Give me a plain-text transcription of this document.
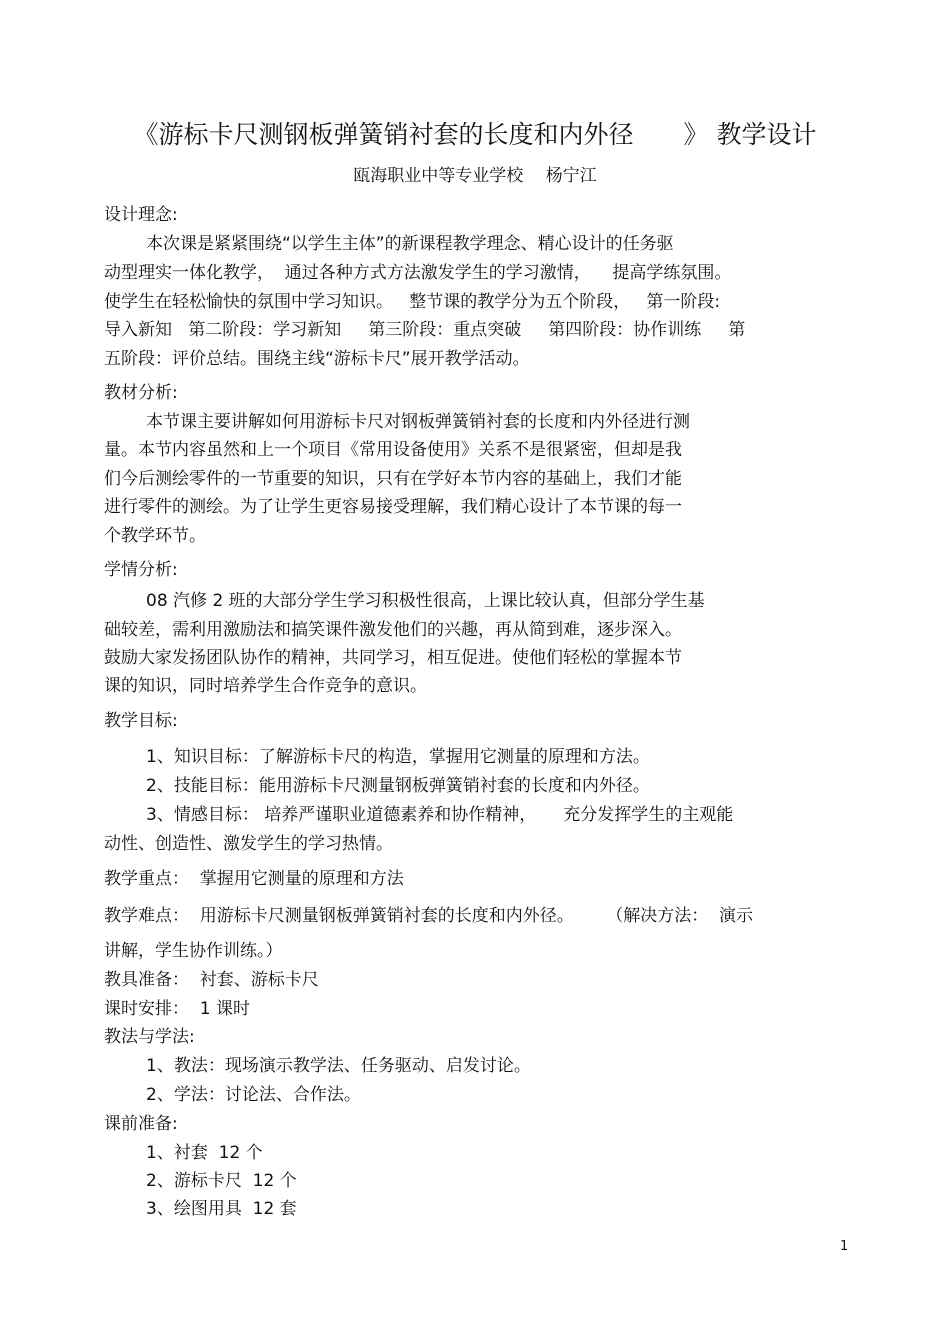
《游标卡尺测钢板弹簧销衬套的长度和内外径　　》 教学设计
瓯海职业中等专业学校　 杨宁江
设计理念:
本次课是紧紧围绕“以学生主体”的新课程教学理念、精心设计的任务驱
动型理实一体化教学，  通过各种方式方法激发学生的学习激情，    提高学练氛围。
使学生在轻松愉快的氛围中学习知识。   整节课的教学分为五个阶段，   第一阶段:
导入新知   第二阶段：学习新知     第三阶段：重点突破     第四阶段：协作训练     第
五阶段：评价总结。围绕主线“游标卡尺”展开教学活动。
教材分析:
本节课主要讲解如何用游标卡尺对钢板弹簧销衬套的长度和内外径进行测
量。本节内容虽然和上一个项目《常用设备使用》关系不是很紧密，但却是我
们今后测绘零件的一节重要的知识，只有在学好本节内容的基础上，我们才能
进行零件的测绘。为了让学生更容易接受理解，我们精心设计了本节课的每一
个教学环节。
学情分析:
08 汽修 2 班的大部分学生学习积极性很高，上课比较认真，但部分学生基
础较差，需利用激励法和搞笑课件激发他们的兴趣，再从简到难，逐步深入。
鼓励大家发扬团队协作的精神，共同学习，相互促进。使他们轻松的掌握本节
课的知识，同时培养学生合作竞争的意识。
教学目标:
1、知识目标：了解游标卡尺的构造，掌握用它测量的原理和方法。
2、技能目标：能用游标卡尺测量钢板弹簧销衬套的长度和内外径。
3、情感目标： 培养严谨职业道德素养和协作精神，     充分发挥学生的主观能
动性、创造性、激发学生的学习热情。
教学重点：  掌握用它测量的原理和方法
教学难点：  用游标卡尺测量钢板弹簧销衬套的长度和内外径。      （解决方法：  演示
讲解，学生协作训练。）
教具准备：  衬套、游标卡尺
课时安排：  1 课时
教法与学法:
1、教法：现场演示教学法、任务驱动、启发讨论。
2、学法：讨论法、合作法。
课前准备:
1、衬套  12 个
2、游标卡尺  12 个
3、绘图用具  12 套
1
